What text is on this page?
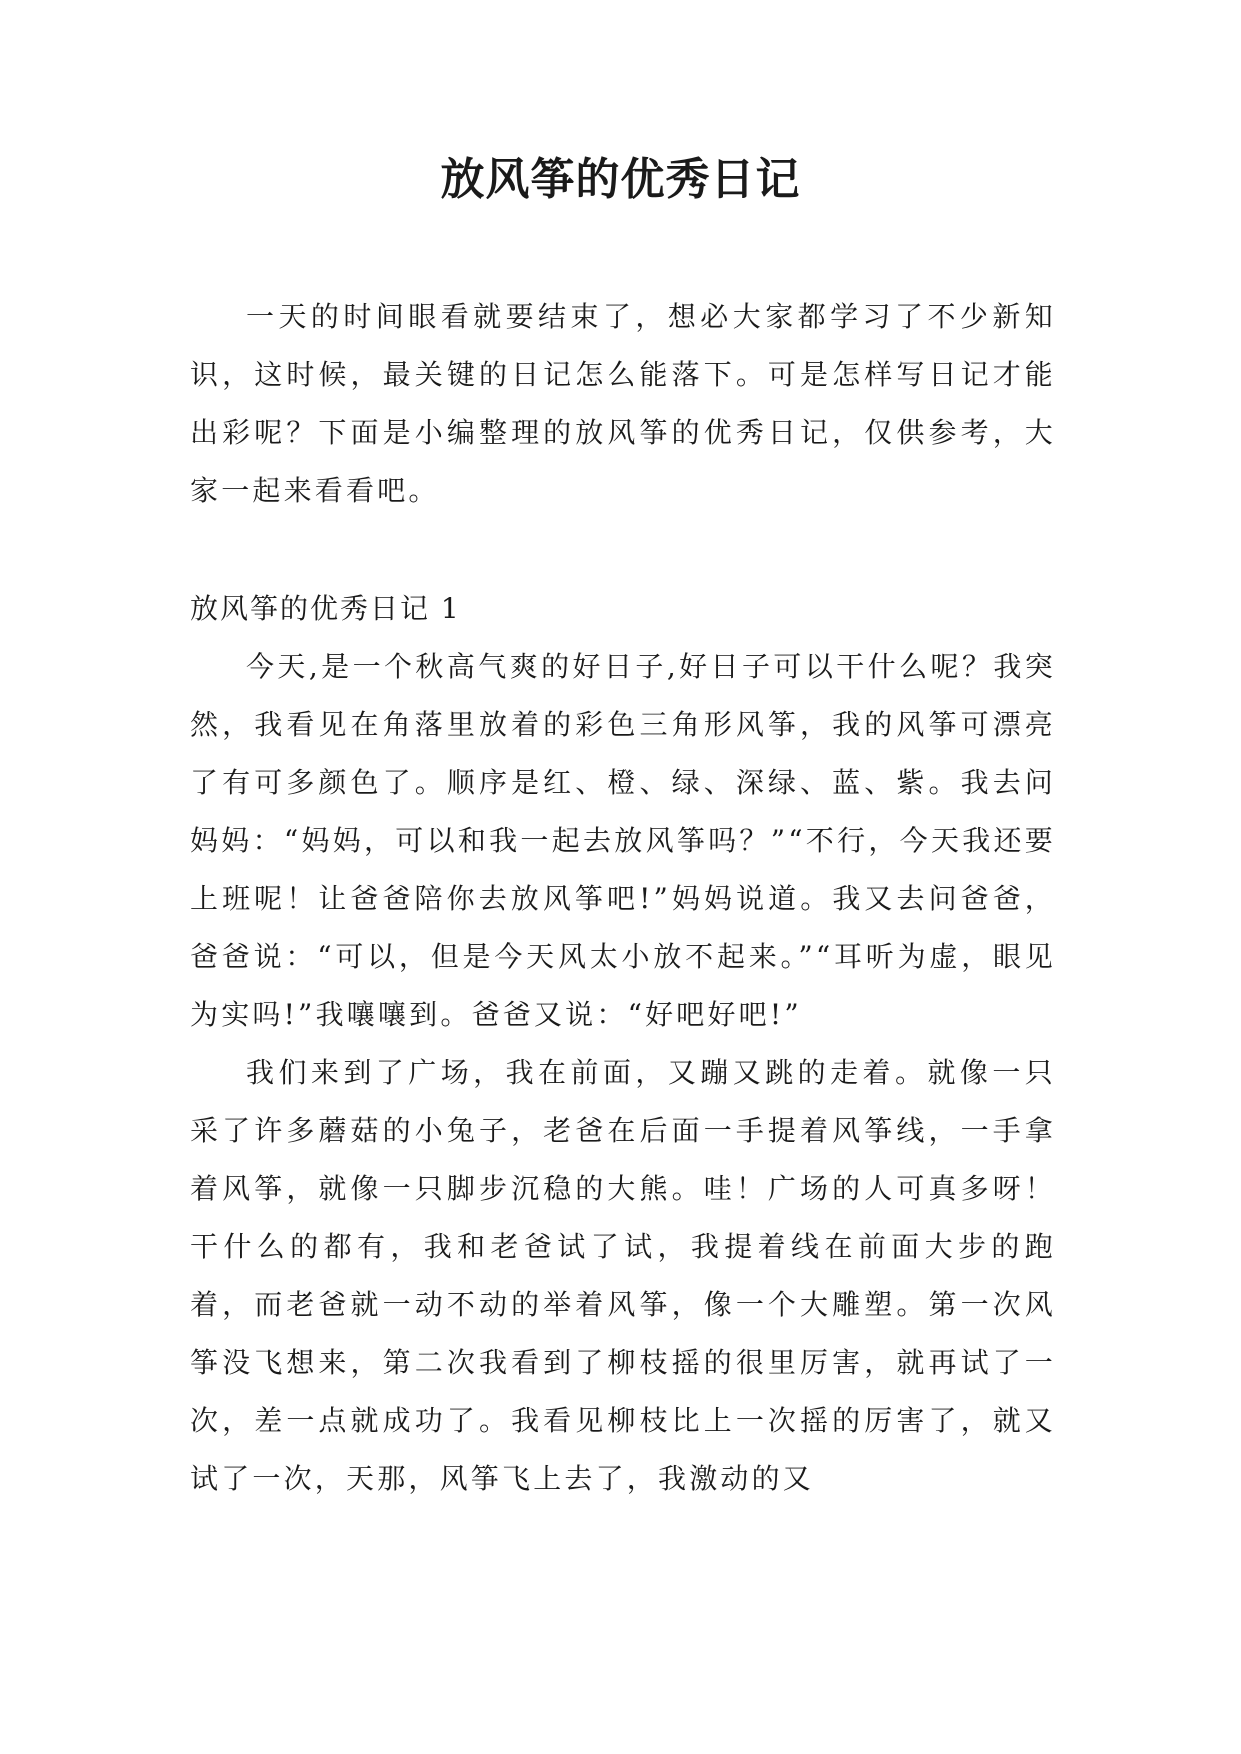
放风筝的优秀日记

一天的时间眼看就要结束了，想必大家都学习了不少新知识，这时候，最关键的日记怎么能落下。可是怎样写日记才能出彩呢？下面是小编整理的放风筝的优秀日记，仅供参考，大家一起来看看吧。

放风筝的优秀日记 1

今天,是一个秋高气爽的好日子,好日子可以干什么呢？我突然，我看见在角落里放着的彩色三角形风筝，我的风筝可漂亮了有可多颜色了。顺序是红、橙、绿、深绿、蓝、紫。我去问妈妈：“妈妈，可以和我一起去放风筝吗？”“不行，今天我还要上班呢！让爸爸陪你去放风筝吧!”妈妈说道。我又去问爸爸，爸爸说：“可以，但是今天风太小放不起来。”“耳听为虚，眼见为实吗!”我嚷嚷到。爸爸又说：“好吧好吧!”

我们来到了广场，我在前面，又蹦又跳的走着。就像一只采了许多蘑菇的小兔子，老爸在后面一手提着风筝线，一手拿着风筝，就像一只脚步沉稳的大熊。哇！广场的人可真多呀！干什么的都有，我和老爸试了试，我提着线在前面大步的跑着，而老爸就一动不动的举着风筝，像一个大雕塑。第一次风筝没飞想来，第二次我看到了柳枝摇的很里厉害，就再试了一次，差一点就成功了。我看见柳枝比上一次摇的厉害了，就又试了一次，天那，风筝飞上去了，我激动的又
